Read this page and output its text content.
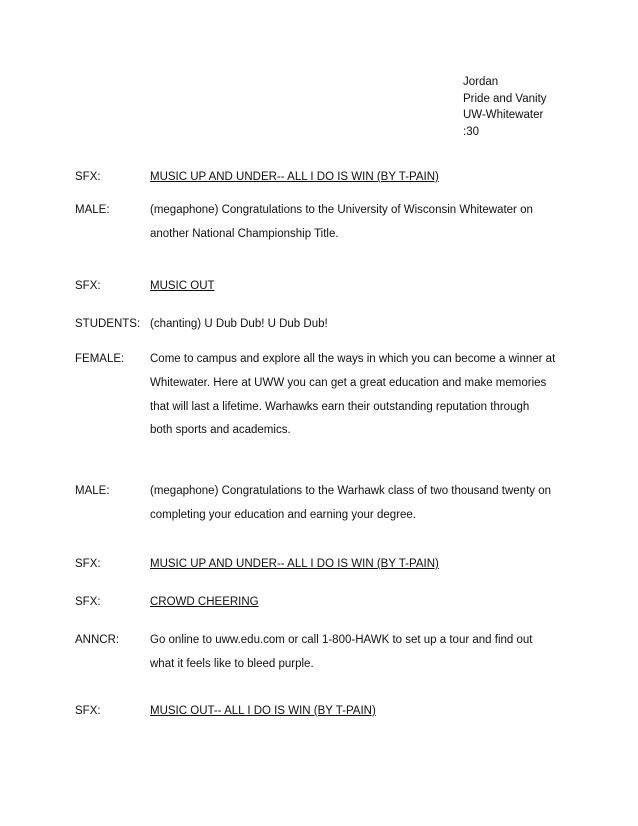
Jordan
Pride and Vanity
UW-Whitewater
:30
SFX:	MUSIC UP AND UNDER-- ALL I DO IS WIN (BY T-PAIN)
MALE:	(megaphone) Congratulations to the University of Wisconsin Whitewater on
another National Championship Title.
SFX:	MUSIC OUT
STUDENTS: (chanting) U Dub Dub! U Dub Dub!
FEMALE: Come to campus and explore all the ways in which you can become a winner at
Whitewater. Here at UWW you can get a great education and make memories
that will last a lifetime. Warhawks earn their outstanding reputation through
both sports and academics.
MALE:	(megaphone) Congratulations to the Warhawk class of two thousand twenty on
completing your education and earning your degree.
SFX:	MUSIC UP AND UNDER-- ALL I DO IS WIN (BY T-PAIN)
SFX:	CROWD CHEERING
ANNCR:	Go online to uww.edu.com or call 1-800-HAWK to set up a tour and find out
what it feels like to bleed purple.
SFX:	MUSIC OUT-- ALL I DO IS WIN (BY T-PAIN)
